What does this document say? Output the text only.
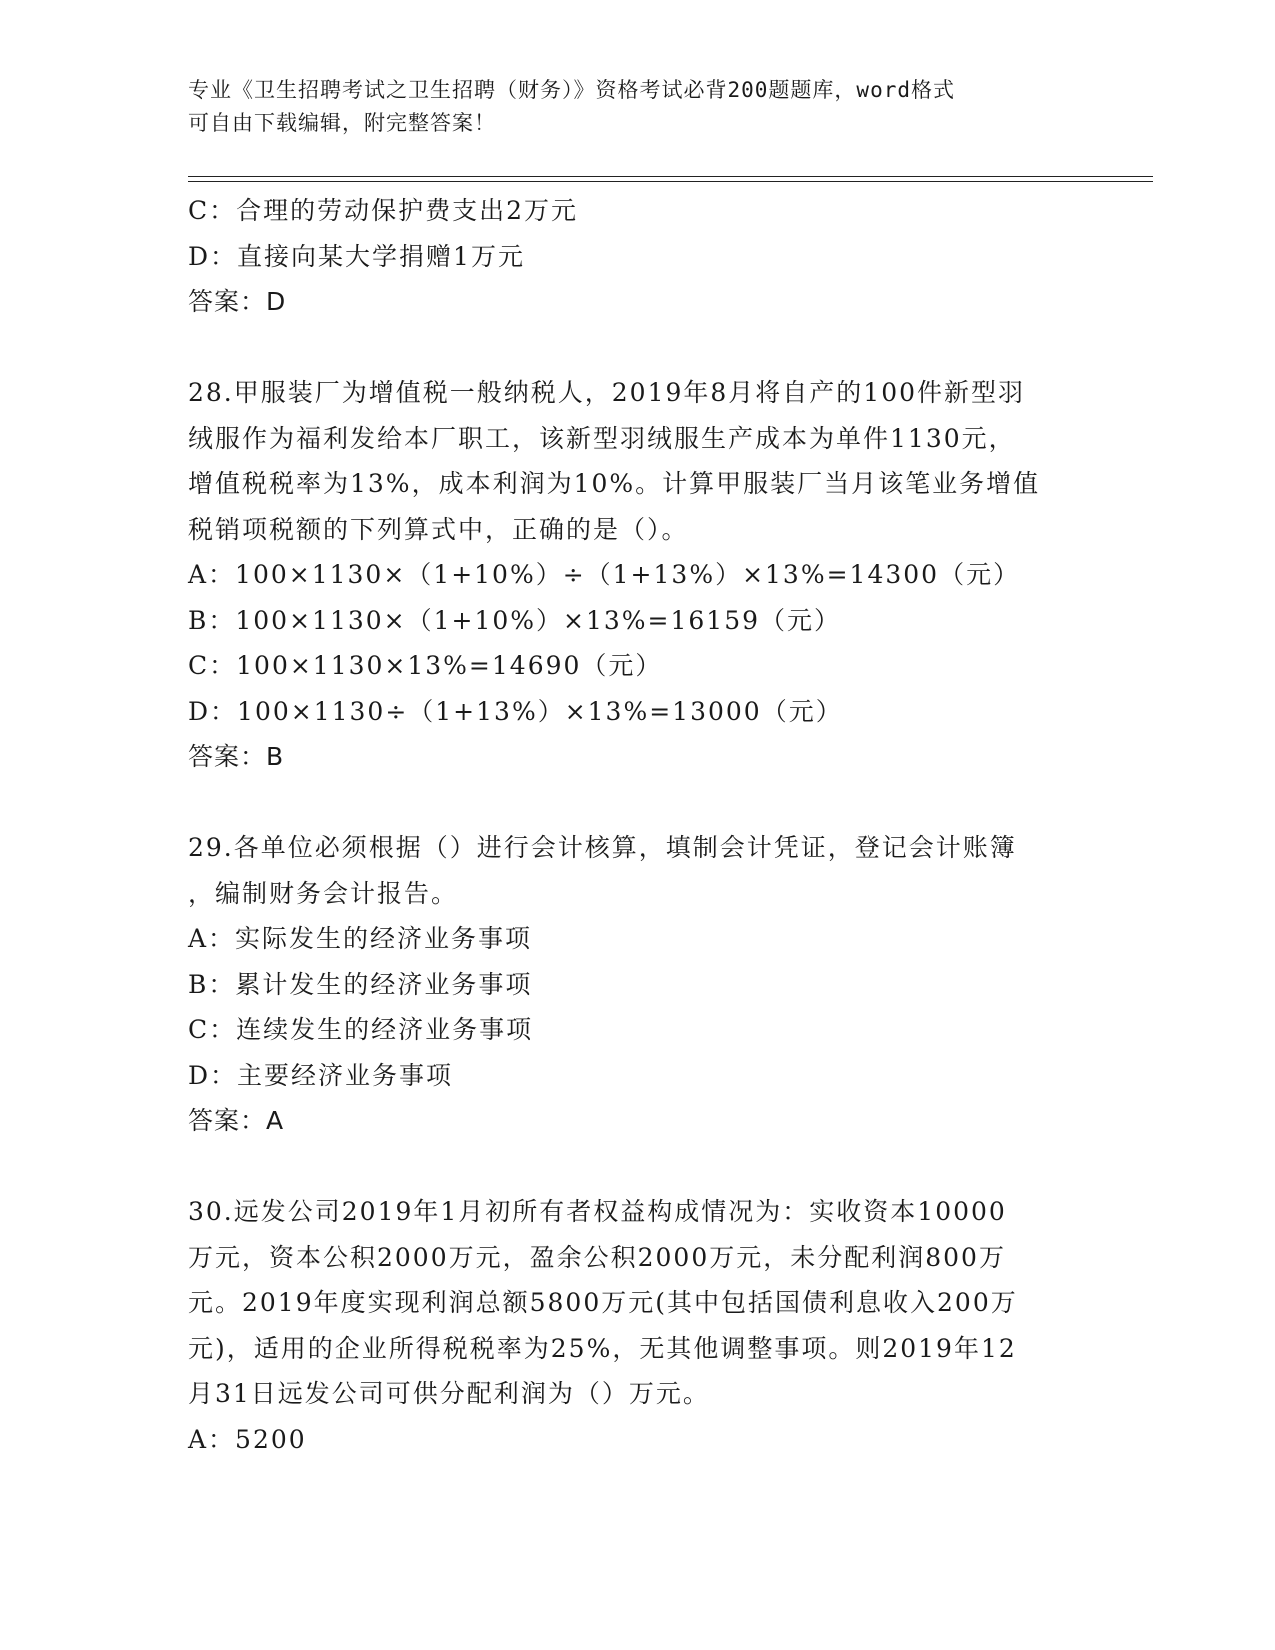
专业《卫生招聘考试之卫生招聘（财务）》资格考试必背200题题库，word格式
可自由下载编辑，附完整答案！
C：合理的劳动保护费支出2万元
D：直接向某大学捐赠1万元
答案：D
28.甲服装厂为增值税一般纳税人，2019年8月将自产的100件新型羽
绒服作为福利发给本厂职工，该新型羽绒服生产成本为单件1130元，
增值税税率为13%，成本利润为10%。计算甲服装厂当月该笔业务增值
税销项税额的下列算式中，正确的是（）。
A：100×1130×（1+10%）÷（1+13%）×13%=14300（元）
B：100×1130×（1+10%）×13%=16159（元）
C：100×1130×13%=14690（元）
D：100×1130÷（1+13%）×13%=13000（元）
答案：B
29.各单位必须根据（）进行会计核算，填制会计凭证，登记会计账簿
，编制财务会计报告。
A：实际发生的经济业务事项
B：累计发生的经济业务事项
C：连续发生的经济业务事项
D：主要经济业务事项
答案：A
30.远发公司2019年1月初所有者权益构成情况为：实收资本10000
万元，资本公积2000万元，盈余公积2000万元，未分配利润800万
元。2019年度实现利润总额5800万元(其中包括国债利息收入200万
元)，适用的企业所得税税率为25%，无其他调整事项。则2019年12
月31日远发公司可供分配利润为（）万元。
A：5200
